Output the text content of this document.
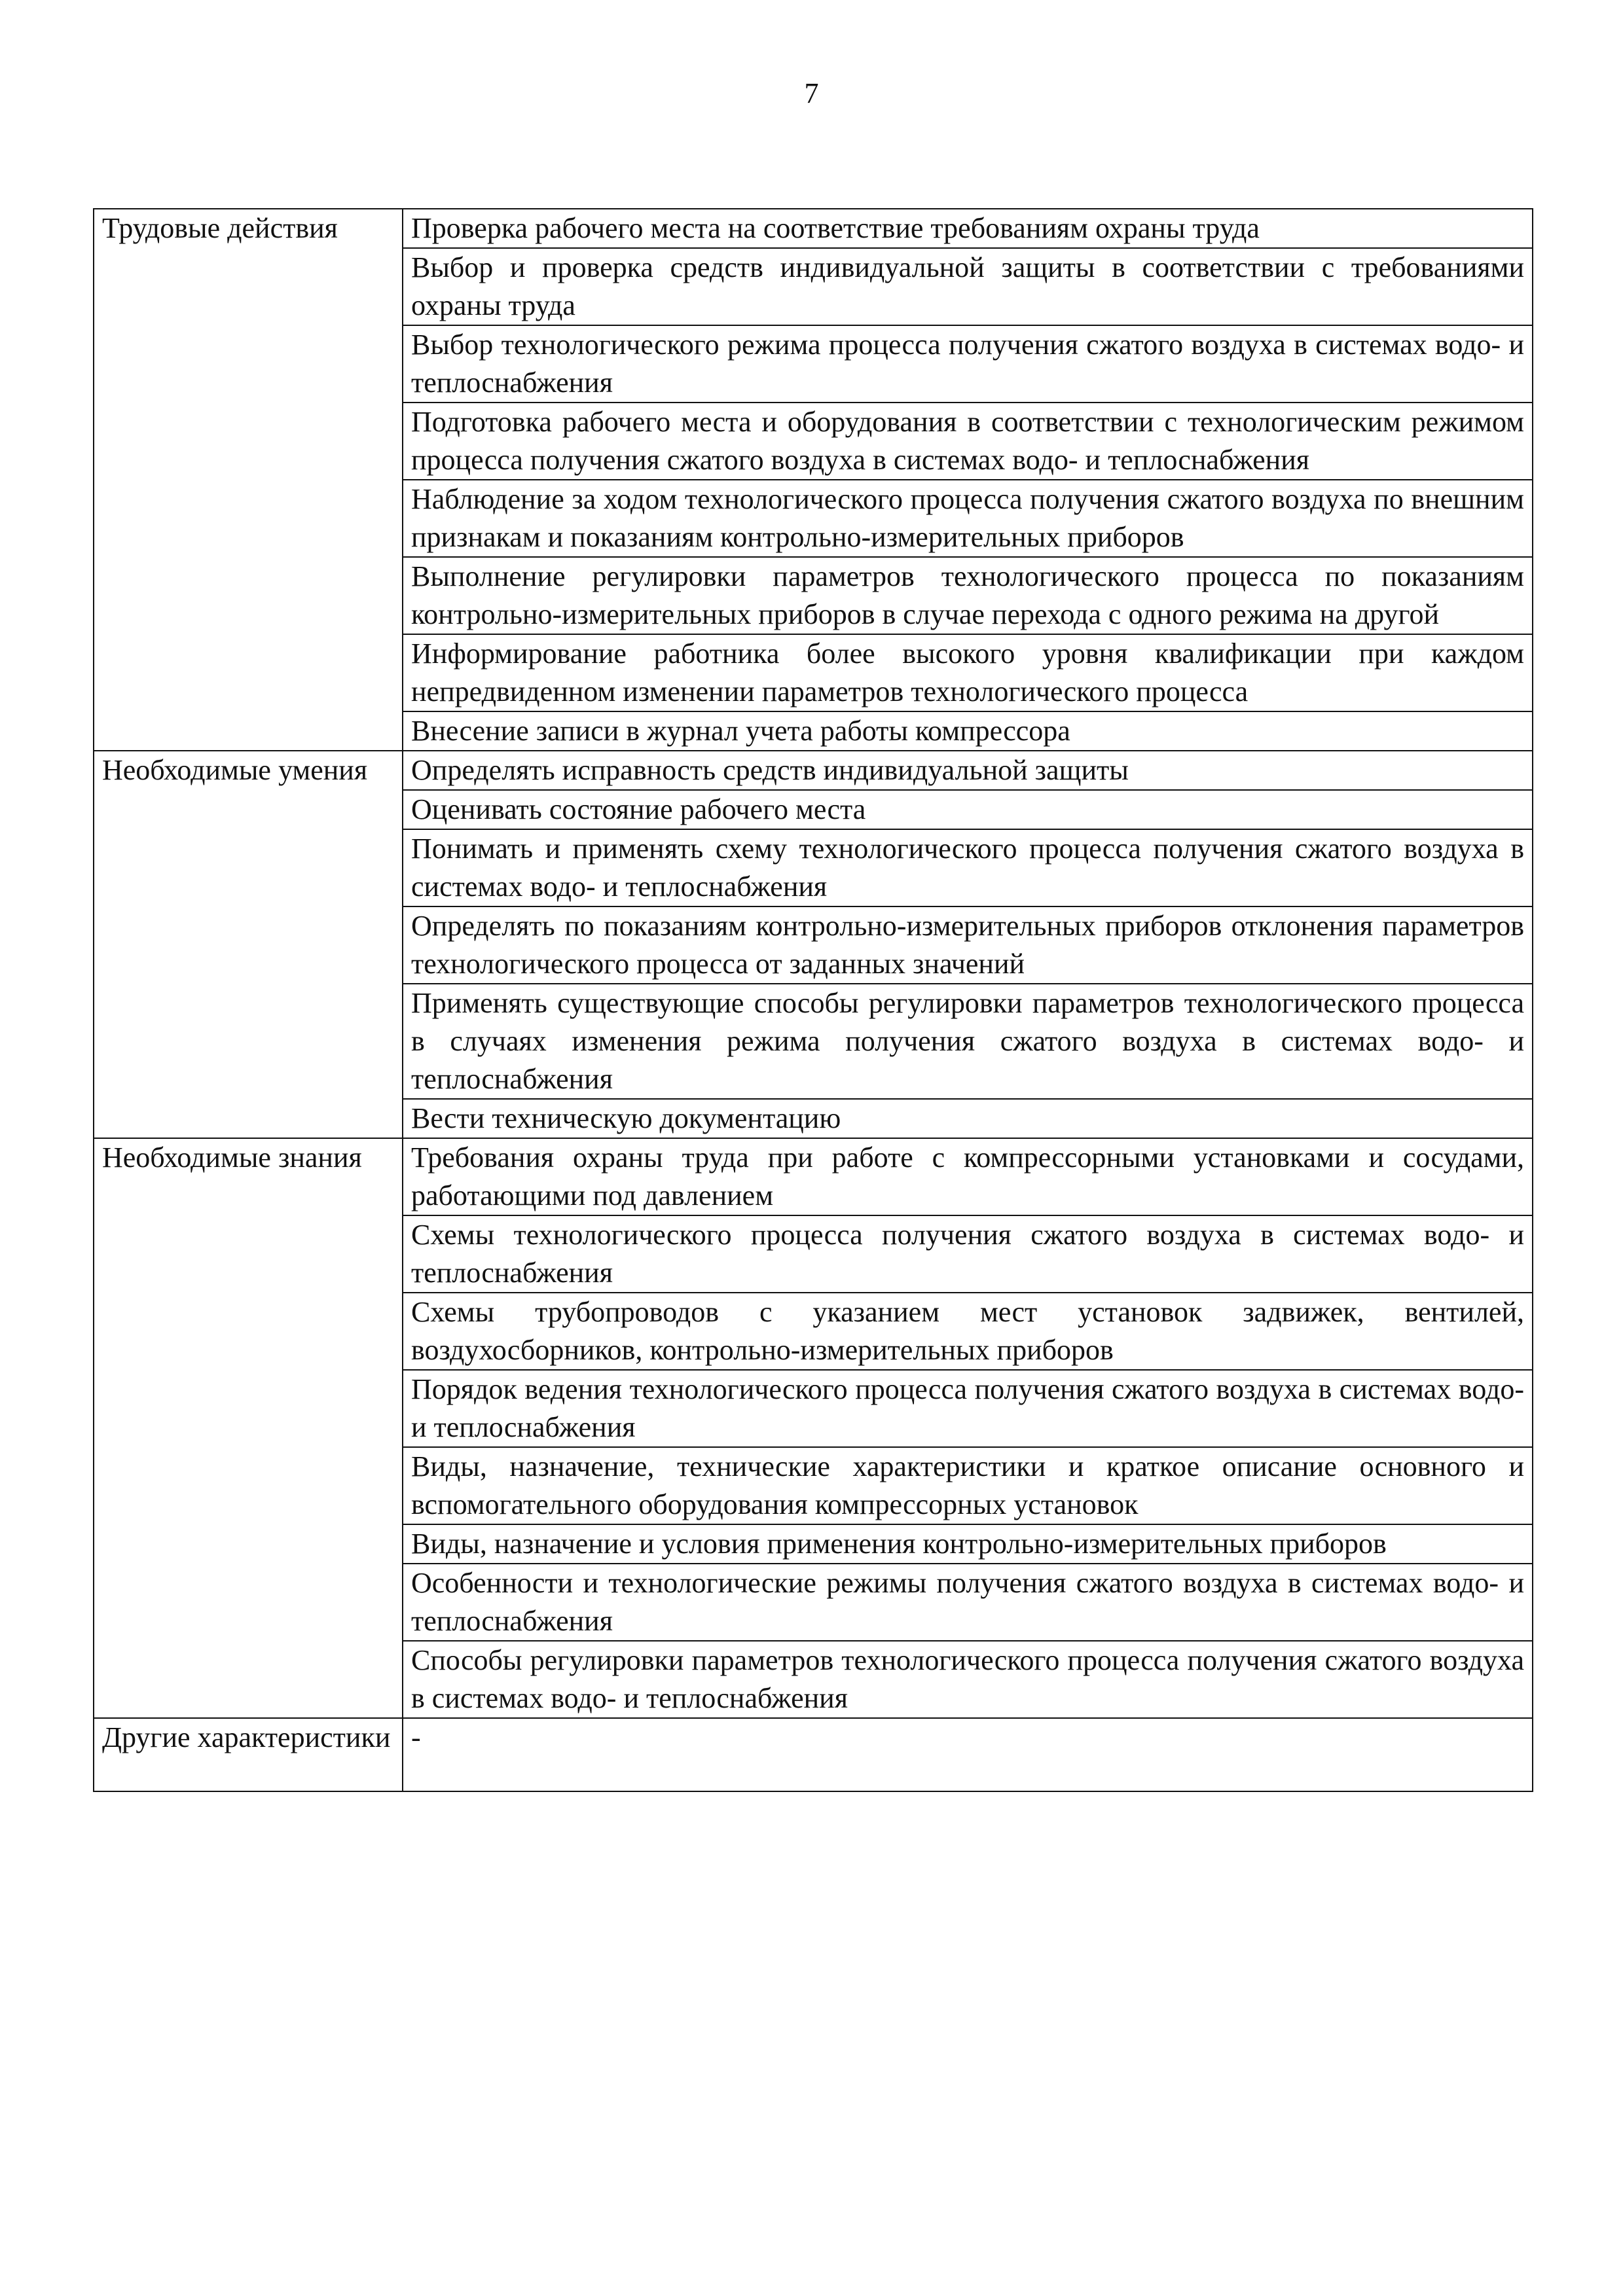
7
Трудовые действия	Проверка рабочего места на соответствие требованиям охраны труда
	Выбор и проверка средств индивидуальной защиты в соответствии с требованиями охраны труда
	Выбор технологического режима процесса получения сжатого воздуха в системах водо- и теплоснабжения
	Подготовка рабочего места и оборудования в соответствии с технологическим режимом процесса получения сжатого воздуха в системах водо- и теплоснабжения
	Наблюдение за ходом технологического процесса получения сжатого воздуха по внешним признакам и показаниям контрольно-измерительных приборов
	Выполнение регулировки параметров технологического процесса по показаниям контрольно-измерительных приборов в случае перехода с одного режима на другой
	Информирование работника более высокого уровня квалификации при каждом непредвиденном изменении параметров технологического процесса
	Внесение записи в журнал учета работы компрессора
Необходимые умения	Определять исправность средств индивидуальной защиты
	Оценивать состояние рабочего места
	Понимать и применять схему технологического процесса получения сжатого воздуха в системах водо- и теплоснабжения
	Определять по показаниям контрольно-измерительных приборов отклонения параметров технологического процесса от заданных значений
	Применять существующие способы регулировки параметров технологического процесса в случаях изменения режима получения сжатого воздуха в системах водо- и теплоснабжения
	Вести техническую документацию
Необходимые знания	Требования охраны труда при работе с компрессорными установками и сосудами, работающими под давлением
	Схемы технологического процесса получения сжатого воздуха в системах водо- и теплоснабжения
	Схемы трубопроводов с указанием мест установок задвижек, вентилей, воздухосборников, контрольно-измерительных приборов
	Порядок ведения технологического процесса получения сжатого воздуха в системах водо- и теплоснабжения
	Виды, назначение, технические характеристики и краткое описание основного и вспомогательного оборудования компрессорных установок
	Виды, назначение и условия применения контрольно-измерительных приборов
	Особенности и технологические режимы получения сжатого воздуха в системах водо- и теплоснабжения
	Способы регулировки параметров технологического процесса получения сжатого воздуха в системах водо- и теплоснабжения
Другие характеристики	-
